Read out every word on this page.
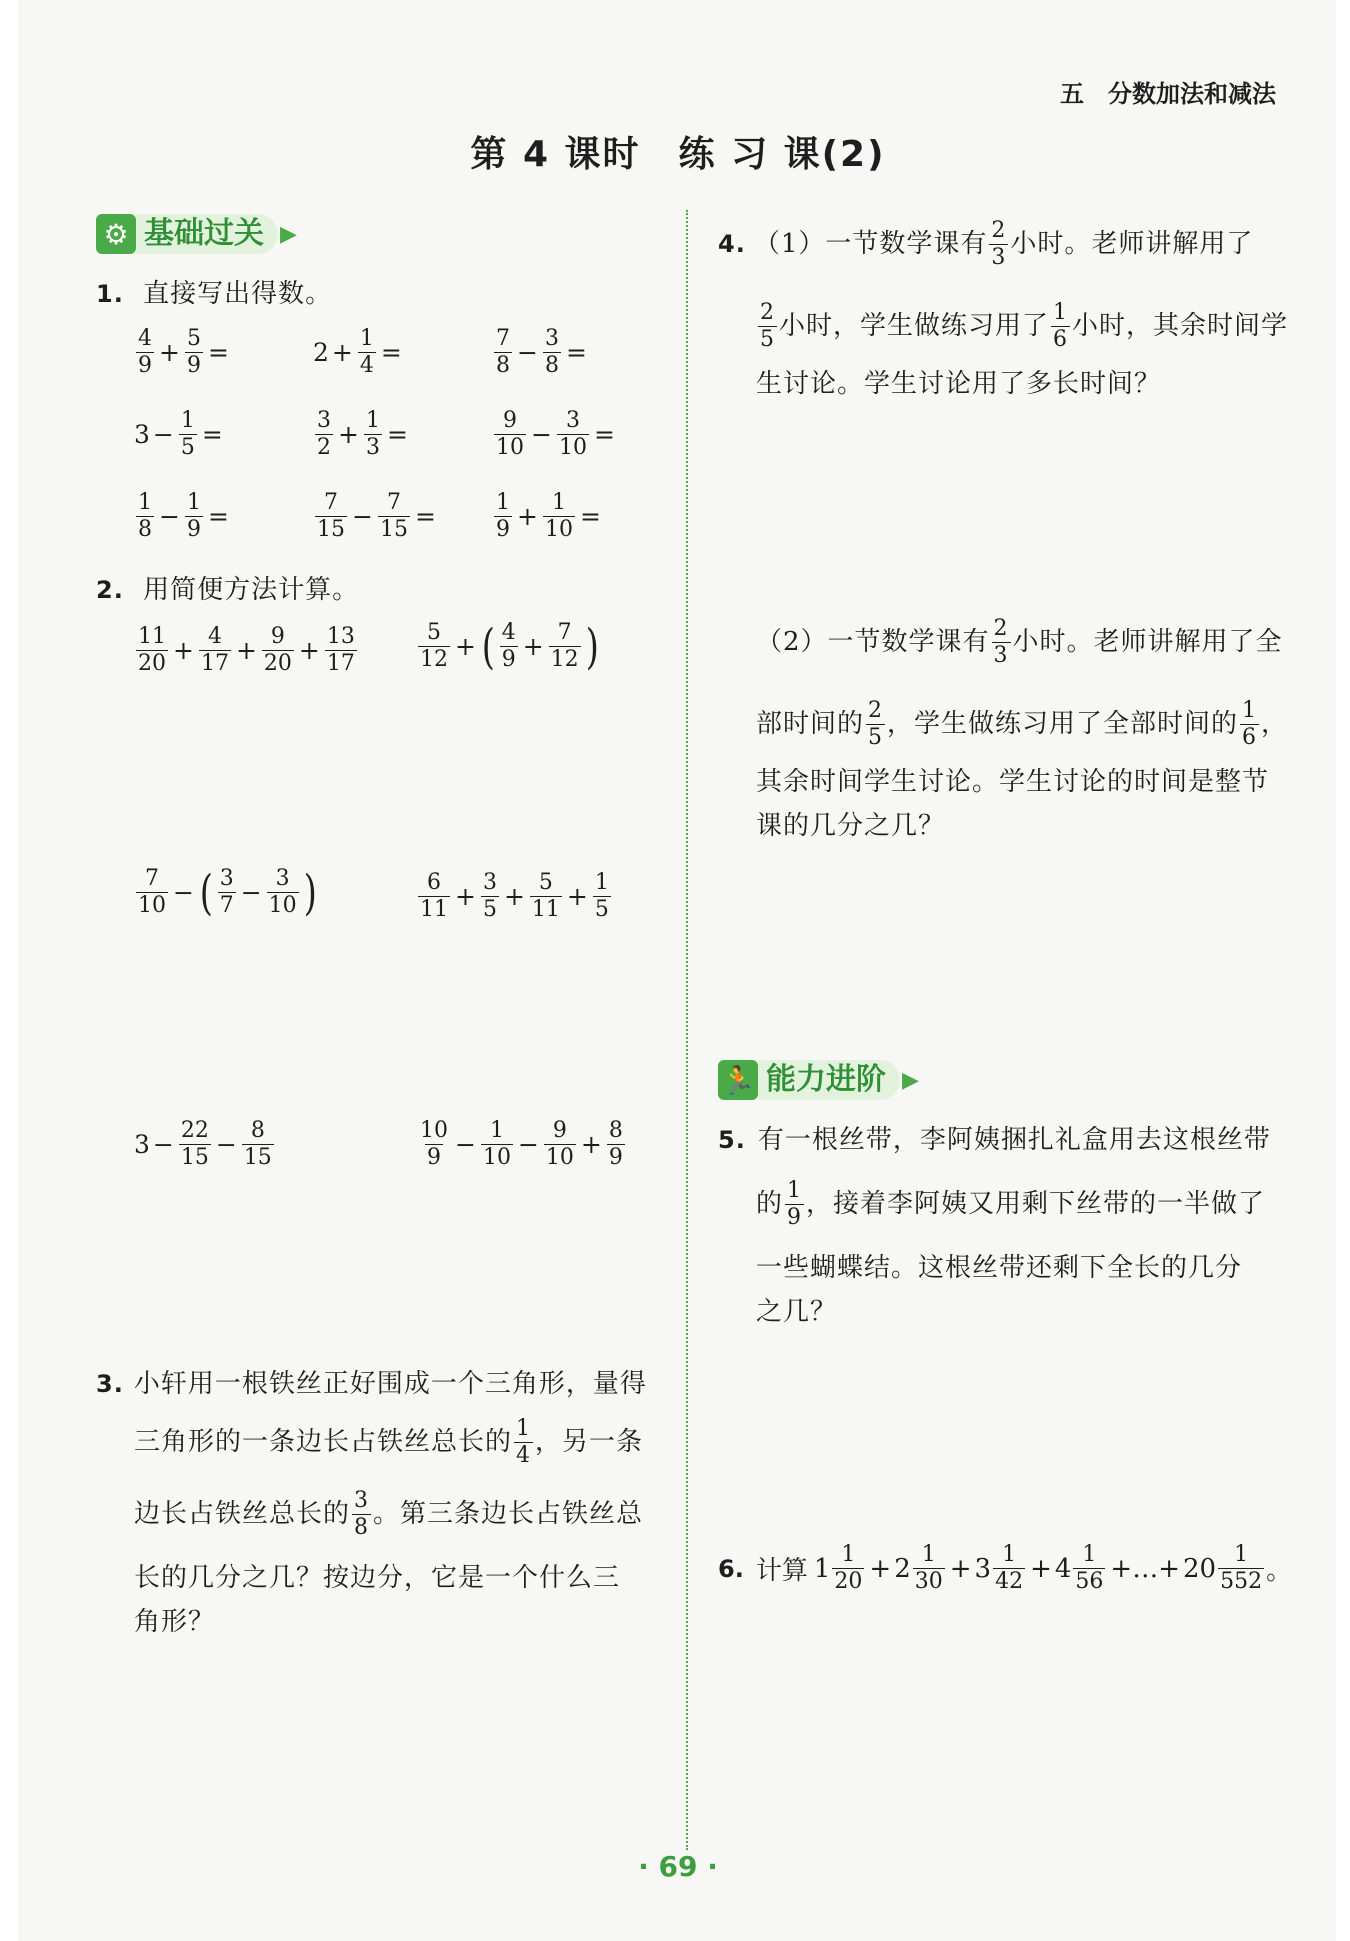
五 分数加法和减法
第 4 课时　练 习 课(2)
⚙ 基础过关 ▶
1. 直接写出得数。
$\frac{4}{9} + \frac{5}{9}$ =	$2 + \frac{1}{4}$ =	$\frac{7}{8} - \frac{3}{8}$ =
$3 - \frac{1}{5}$ =	$\frac{3}{2} + \frac{1}{3}$ =	$\frac{9}{10} - \frac{3}{10}$ =
$\frac{1}{8} - \frac{1}{9}$ =	$\frac{7}{15} - \frac{7}{15}$ =	$\frac{1}{9} + \frac{1}{10}$ =
2. 用简便方法计算。
$\frac{11}{20} + \frac{4}{17} + \frac{9}{20} + \frac{13}{17}$	$\frac{5}{12}$ + ( $\frac{4}{9} + \frac{7}{12}$ )
$\frac{7}{10}$ − ( $\frac{3}{7} - \frac{3}{10}$ )	$\frac{6}{11} + \frac{3}{5} + \frac{5}{11} + \frac{1}{5}$
$3 - \frac{22}{15} - \frac{8}{15}$	$\frac{10}{9} - \frac{1}{10} - \frac{9}{10} + \frac{8}{9}$
3. 小轩用一根铁丝正好围成一个三角形，量得
三角形的一条边长占铁丝总长的 $\frac{1}{4}$ ，另一条
边长占铁丝总长的 $\frac{3}{8}$ 。第三条边长占铁丝总
长的几分之几？按边分，它是一个什么三
角形？
4. （1）一节数学课有 $\frac{2}{3}$ 小时。老师讲解用了
$\frac{2}{5}$ 小时，学生做练习用了 $\frac{1}{6}$ 小时，其余时间学
生讨论。学生讨论用了多长时间？
（2）一节数学课有 $\frac{2}{3}$ 小时。老师讲解用了全
部时间的 $\frac{2}{5}$ ，学生做练习用了全部时间的 $\frac{1}{6}$ ，
其余时间学生讨论。学生讨论的时间是整节
课的几分之几？
🏃 能力进阶 ▶
5. 有一根丝带，李阿姨捆扎礼盒用去这根丝带
的 $\frac{1}{9}$ ，接着李阿姨又用剩下丝带的一半做了
一些蝴蝶结。这根丝带还剩下全长的几分
之几？
6. 计算 $1 \frac{1}{20} + 2 \frac{1}{30} + 3 \frac{1}{42} + 4 \frac{1}{56}$ +…+ $20 \frac{1}{552}$ 。
· 69 ·
